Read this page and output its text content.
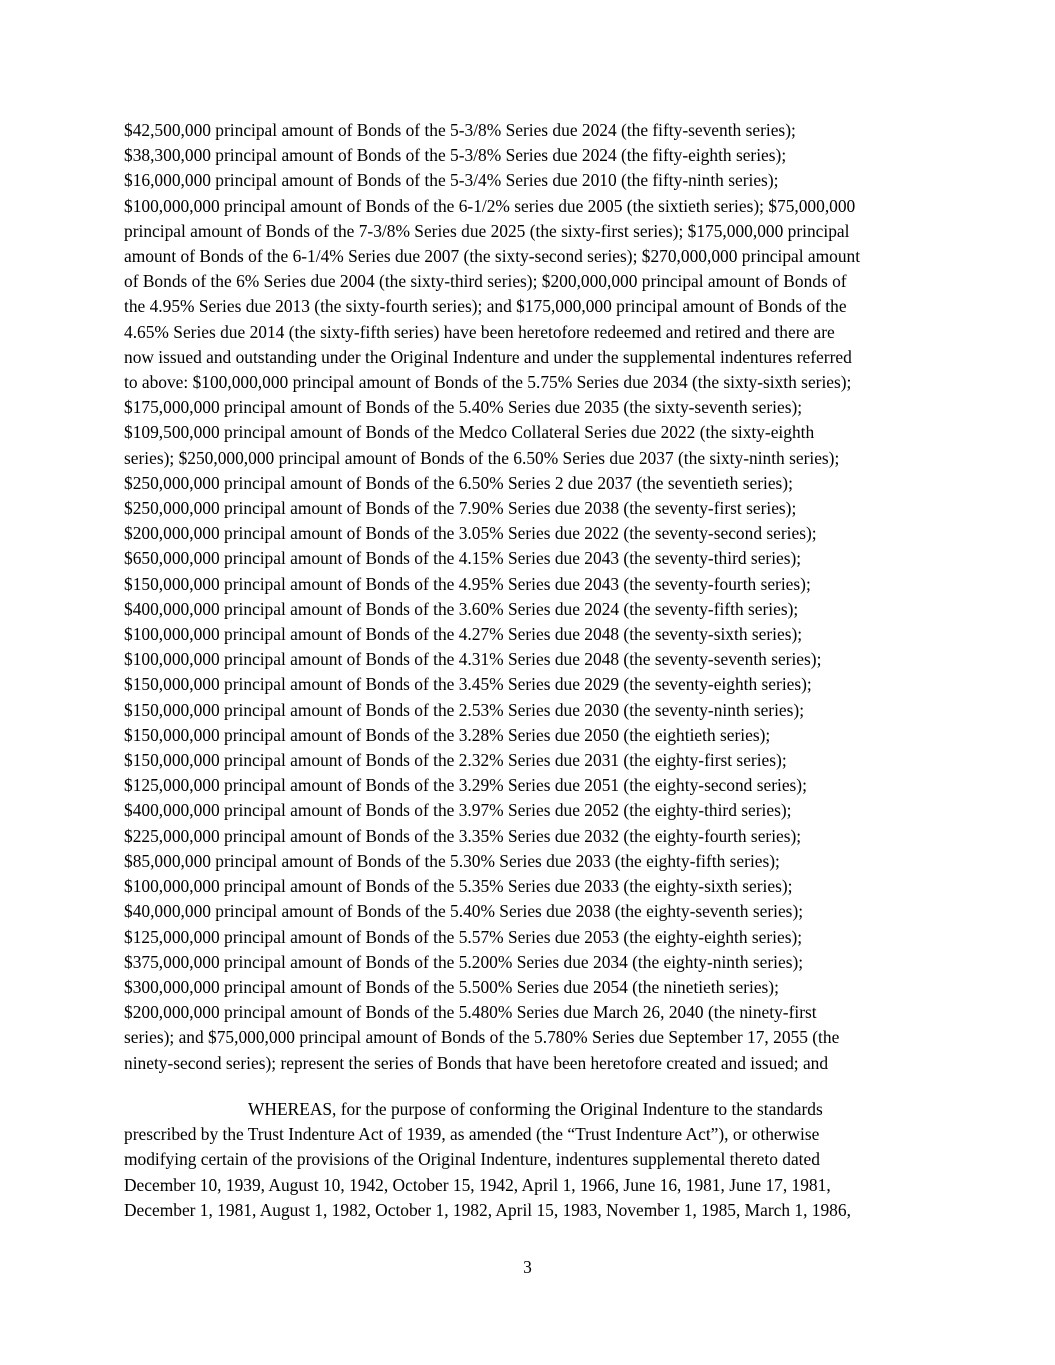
$42,500,000 principal amount of Bonds of the 5-3/8% Series due 2024 (the fifty-seventh series);
$38,300,000 principal amount of Bonds of the 5-3/8% Series due 2024 (the fifty-eighth series);
$16,000,000 principal amount of Bonds of the 5-3/4% Series due 2010 (the fifty-ninth series);
$100,000,000 principal amount of Bonds of the 6-1/2% series due 2005 (the sixtieth series); $75,000,000
principal amount of Bonds of the 7-3/8% Series due 2025 (the sixty-first series); $175,000,000 principal
amount of Bonds of the 6-1/4% Series due 2007 (the sixty-second series); $270,000,000 principal amount
of Bonds of the 6% Series due 2004 (the sixty-third series); $200,000,000 principal amount of Bonds of
the 4.95% Series due 2013 (the sixty-fourth series); and $175,000,000 principal amount of Bonds of the
4.65% Series due 2014 (the sixty-fifth series) have been heretofore redeemed and retired and there are
now issued and outstanding under the Original Indenture and under the supplemental indentures referred
to above: $100,000,000 principal amount of Bonds of the 5.75% Series due 2034 (the sixty-sixth series);
$175,000,000 principal amount of Bonds of the 5.40% Series due 2035 (the sixty-seventh series);
$109,500,000 principal amount of Bonds of the Medco Collateral Series due 2022 (the sixty-eighth
series); $250,000,000 principal amount of Bonds of the 6.50% Series due 2037 (the sixty-ninth series);
$250,000,000 principal amount of Bonds of the 6.50% Series 2 due 2037 (the seventieth series);
$250,000,000 principal amount of Bonds of the 7.90% Series due 2038 (the seventy-first series);
$200,000,000 principal amount of Bonds of the 3.05% Series due 2022 (the seventy-second series);
$650,000,000 principal amount of Bonds of the 4.15% Series due 2043 (the seventy-third series);
$150,000,000 principal amount of Bonds of the 4.95% Series due 2043 (the seventy-fourth series);
$400,000,000 principal amount of Bonds of the 3.60% Series due 2024 (the seventy-fifth series);
$100,000,000 principal amount of Bonds of the 4.27% Series due 2048 (the seventy-sixth series);
$100,000,000 principal amount of Bonds of the 4.31% Series due 2048 (the seventy-seventh series);
$150,000,000 principal amount of Bonds of the 3.45% Series due 2029 (the seventy-eighth series);
$150,000,000 principal amount of Bonds of the 2.53% Series due 2030 (the seventy-ninth series);
$150,000,000 principal amount of Bonds of the 3.28% Series due 2050 (the eightieth series);
$150,000,000 principal amount of Bonds of the 2.32% Series due 2031 (the eighty-first series);
$125,000,000 principal amount of Bonds of the 3.29% Series due 2051 (the eighty-second series);
$400,000,000 principal amount of Bonds of the 3.97% Series due 2052 (the eighty-third series);
$225,000,000 principal amount of Bonds of the 3.35% Series due 2032 (the eighty-fourth series);
$85,000,000 principal amount of Bonds of the 5.30% Series due 2033 (the eighty-fifth series);
$100,000,000 principal amount of Bonds of the 5.35% Series due 2033 (the eighty-sixth series);
$40,000,000 principal amount of Bonds of the 5.40% Series due 2038 (the eighty-seventh series);
$125,000,000 principal amount of Bonds of the 5.57% Series due 2053 (the eighty-eighth series);
$375,000,000 principal amount of Bonds of the 5.200% Series due 2034 (the eighty-ninth series);
$300,000,000 principal amount of Bonds of the 5.500% Series due 2054 (the ninetieth series);
$200,000,000 principal amount of Bonds of the 5.480% Series due March 26, 2040 (the ninety-first
series); and $75,000,000 principal amount of Bonds of the 5.780% Series due September 17, 2055 (the
ninety-second series); represent the series of Bonds that have been heretofore created and issued; and
WHEREAS, for the purpose of conforming the Original Indenture to the standards
prescribed by the Trust Indenture Act of 1939, as amended (the “Trust Indenture Act”), or otherwise
modifying certain of the provisions of the Original Indenture, indentures supplemental thereto dated
December 10, 1939, August 10, 1942, October 15, 1942, April 1, 1966, June 16, 1981, June 17, 1981,
December 1, 1981, August 1, 1982, October 1, 1982, April 15, 1983, November 1, 1985, March 1, 1986,
3
